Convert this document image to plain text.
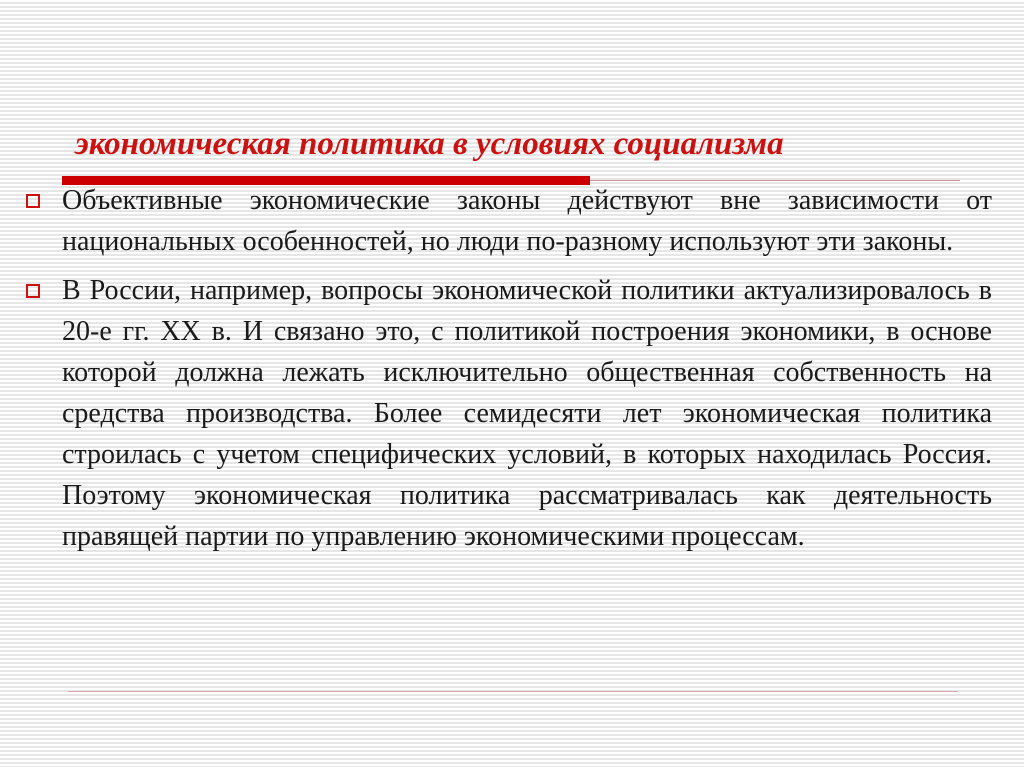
экономическая политика в условиях социализма
Объективные экономические законы действуют вне зависимости от национальных особенностей, но люди по-разному используют эти законы.
В России, например, вопросы экономической политики актуализировалось в 20-е гг. XX в. И связано это, с политикой построения экономики, в основе которой должна лежать исключительно общественная собственность на средства производства. Более семидесяти лет экономическая политика строилась с учетом специфических условий, в которых находилась Россия. Поэтому экономическая политика рассматривалась как деятельность правящей партии по управлению экономическими процессам.
